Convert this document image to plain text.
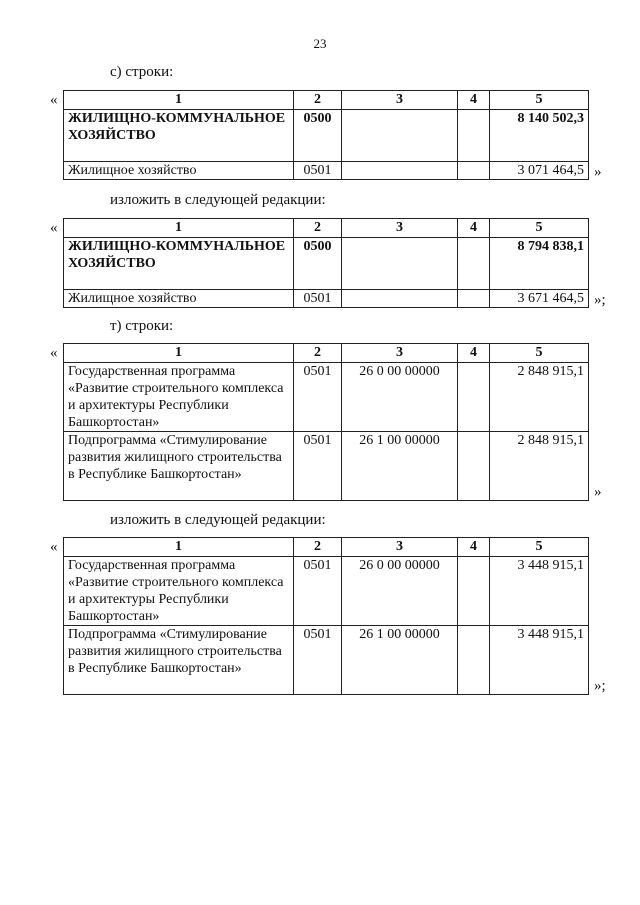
23
с) строки:
«	1	2	3	4	5
ЖИЛИЩНО-КОММУНАЛЬНОЕ ХОЗЯЙСТВО	0500			8 140 502,3
Жилищное хозяйство	0501			3 071 464,5 »
изложить в следующей редакции:
«	1	2	3	4	5
ЖИЛИЩНО-КОММУНАЛЬНОЕ ХОЗЯЙСТВО	0500			8 794 838,1
Жилищное хозяйство	0501			3 671 464,5 »;
т) строки:
«	1	2	3	4	5
Государственная программа «Развитие строительного комплекса и архитектуры Республики Башкортостан»	0501	26 0 00 00000		2 848 915,1
Подпрограмма «Стимулирование развития жилищного строительства в Республике Башкортостан»	0501	26 1 00 00000		2 848 915,1
»
изложить в следующей редакции:
«	1	2	3	4	5
Государственная программа «Развитие строительного комплекса и архитектуры Республики Башкортостан»	0501	26 0 00 00000		3 448 915,1
Подпрограмма «Стимулирование развития жилищного строительства в Республике Башкортостан»	0501	26 1 00 00000		3 448 915,1
»;
